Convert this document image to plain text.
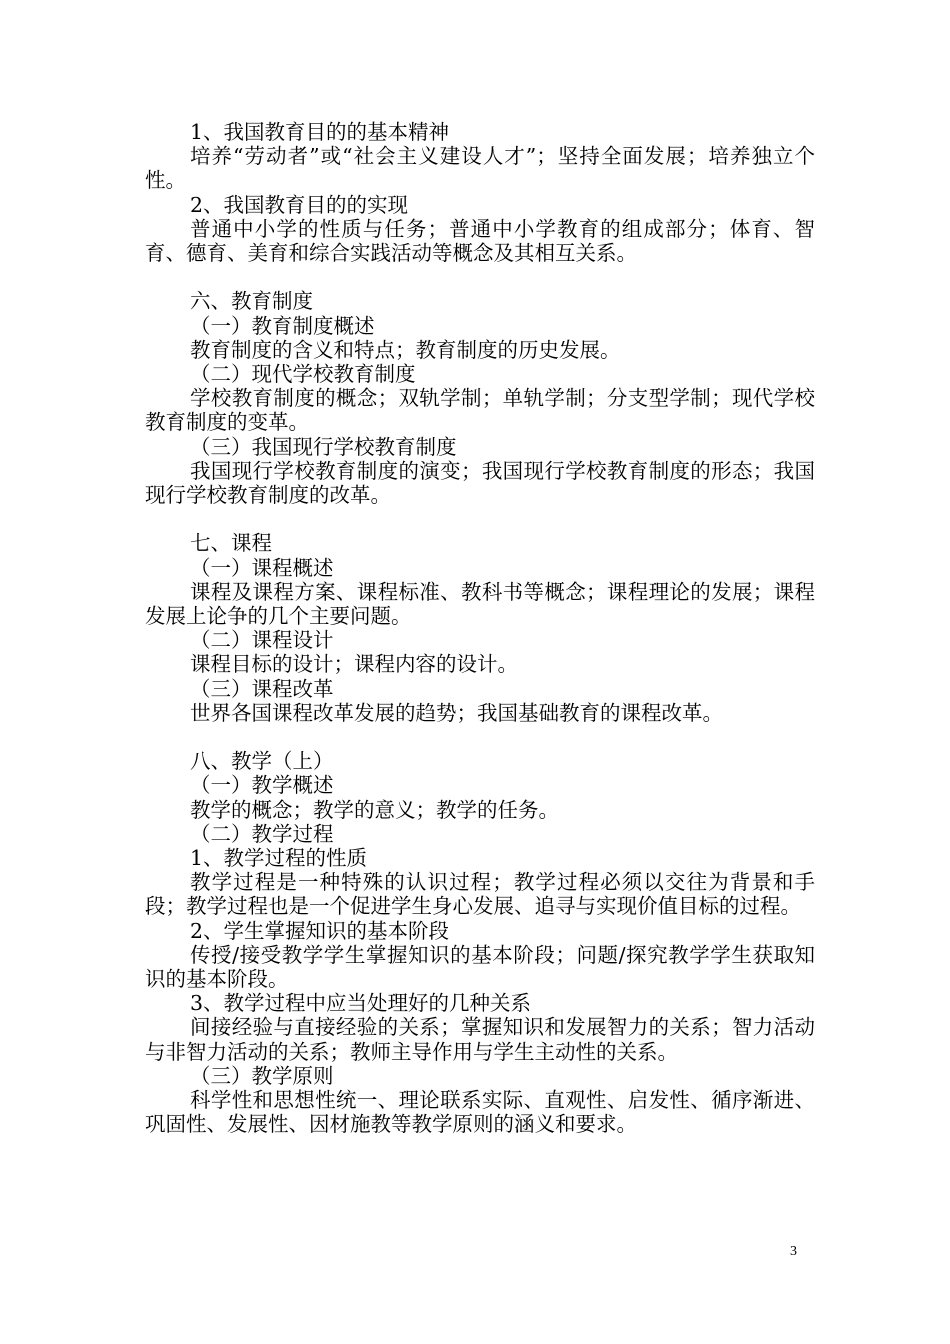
1、我国教育目的的基本精神

培养“劳动者”或“社会主义建设人才”；坚持全面发展；培养独立个性。

2、我国教育目的的实现

普通中小学的性质与任务；普通中小学教育的组成部分；体育、智育、德育、美育和综合实践活动等概念及其相互关系。

六、教育制度

（一）教育制度概述

教育制度的含义和特点；教育制度的历史发展。

（二）现代学校教育制度

学校教育制度的概念；双轨学制；单轨学制；分支型学制；现代学校教育制度的变革。

（三）我国现行学校教育制度

我国现行学校教育制度的演变；我国现行学校教育制度的形态；我国现行学校教育制度的改革。

七、课程

（一）课程概述

课程及课程方案、课程标准、教科书等概念；课程理论的发展；课程发展上论争的几个主要问题。

（二）课程设计

课程目标的设计；课程内容的设计。

（三）课程改革

世界各国课程改革发展的趋势；我国基础教育的课程改革。

八、教学（上）

（一）教学概述

教学的概念；教学的意义；教学的任务。

（二）教学过程

1、教学过程的性质

教学过程是一种特殊的认识过程；教学过程必须以交往为背景和手段；教学过程也是一个促进学生身心发展、追寻与实现价值目标的过程。

2、学生掌握知识的基本阶段

传授/接受教学学生掌握知识的基本阶段；问题/探究教学学生获取知识的基本阶段。

3、教学过程中应当处理好的几种关系

间接经验与直接经验的关系；掌握知识和发展智力的关系；智力活动与非智力活动的关系；教师主导作用与学生主动性的关系。

（三）教学原则

科学性和思想性统一、理论联系实际、直观性、启发性、循序渐进、巩固性、发展性、因材施教等教学原则的涵义和要求。

3
